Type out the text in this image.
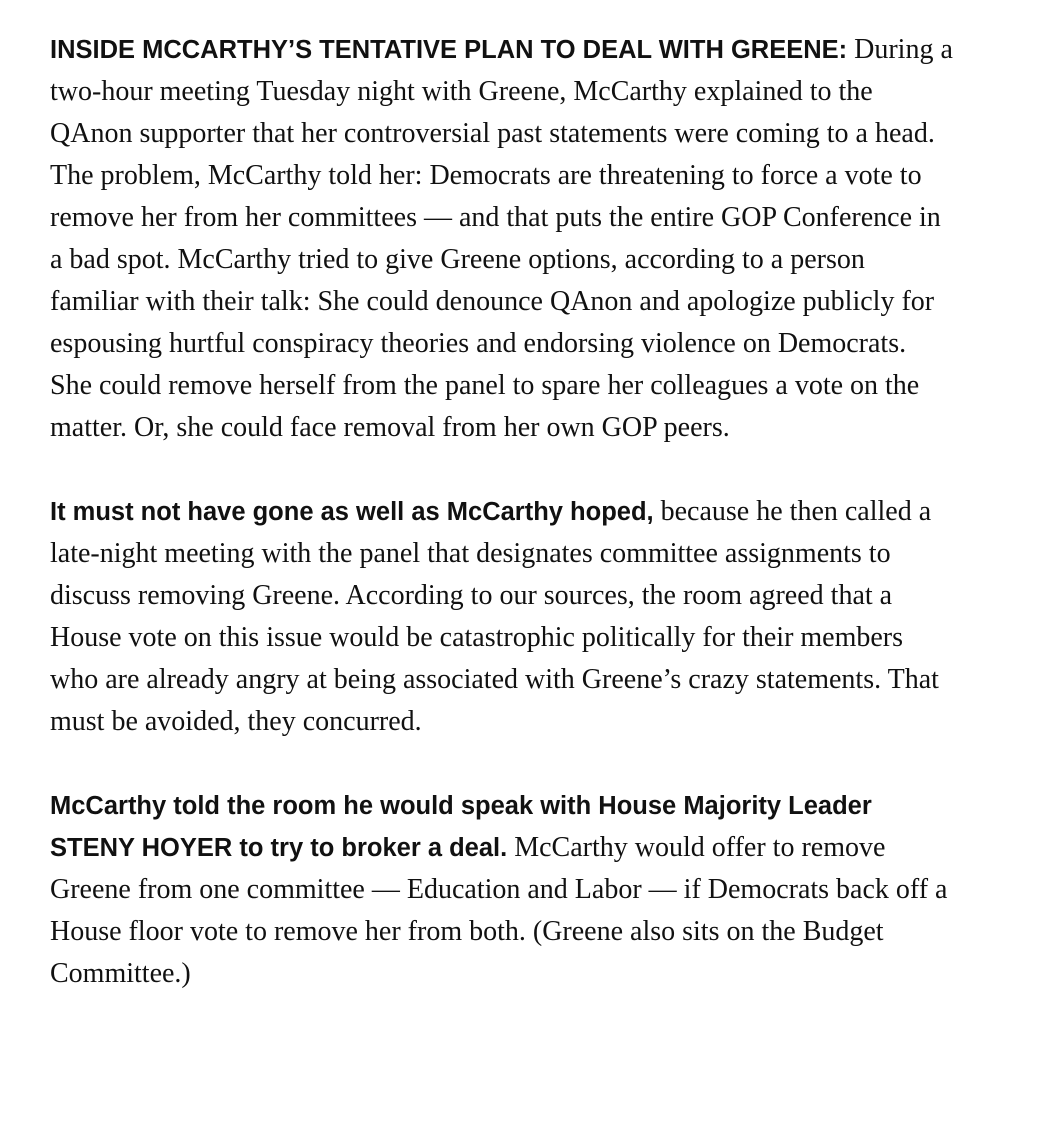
INSIDE MCCARTHY’S TENTATIVE PLAN TO DEAL WITH GREENE: During a two-hour meeting Tuesday night with Greene, McCarthy explained to the QAnon supporter that her controversial past statements were coming to a head. The problem, McCarthy told her: Democrats are threatening to force a vote to remove her from her committees — and that puts the entire GOP Conference in a bad spot. McCarthy tried to give Greene options, according to a person familiar with their talk: She could denounce QAnon and apologize publicly for espousing hurtful conspiracy theories and endorsing violence on Democrats. She could remove herself from the panel to spare her colleagues a vote on the matter. Or, she could face removal from her own GOP peers.

It must not have gone as well as McCarthy hoped, because he then called a late-night meeting with the panel that designates committee assignments to discuss removing Greene. According to our sources, the room agreed that a House vote on this issue would be catastrophic politically for their members who are already angry at being associated with Greene’s crazy statements. That must be avoided, they concurred.

McCarthy told the room he would speak with House Majority Leader STENY HOYER to try to broker a deal. McCarthy would offer to remove Greene from one committee — Education and Labor — if Democrats back off a House floor vote to remove her from both. (Greene also sits on the Budget Committee.)
